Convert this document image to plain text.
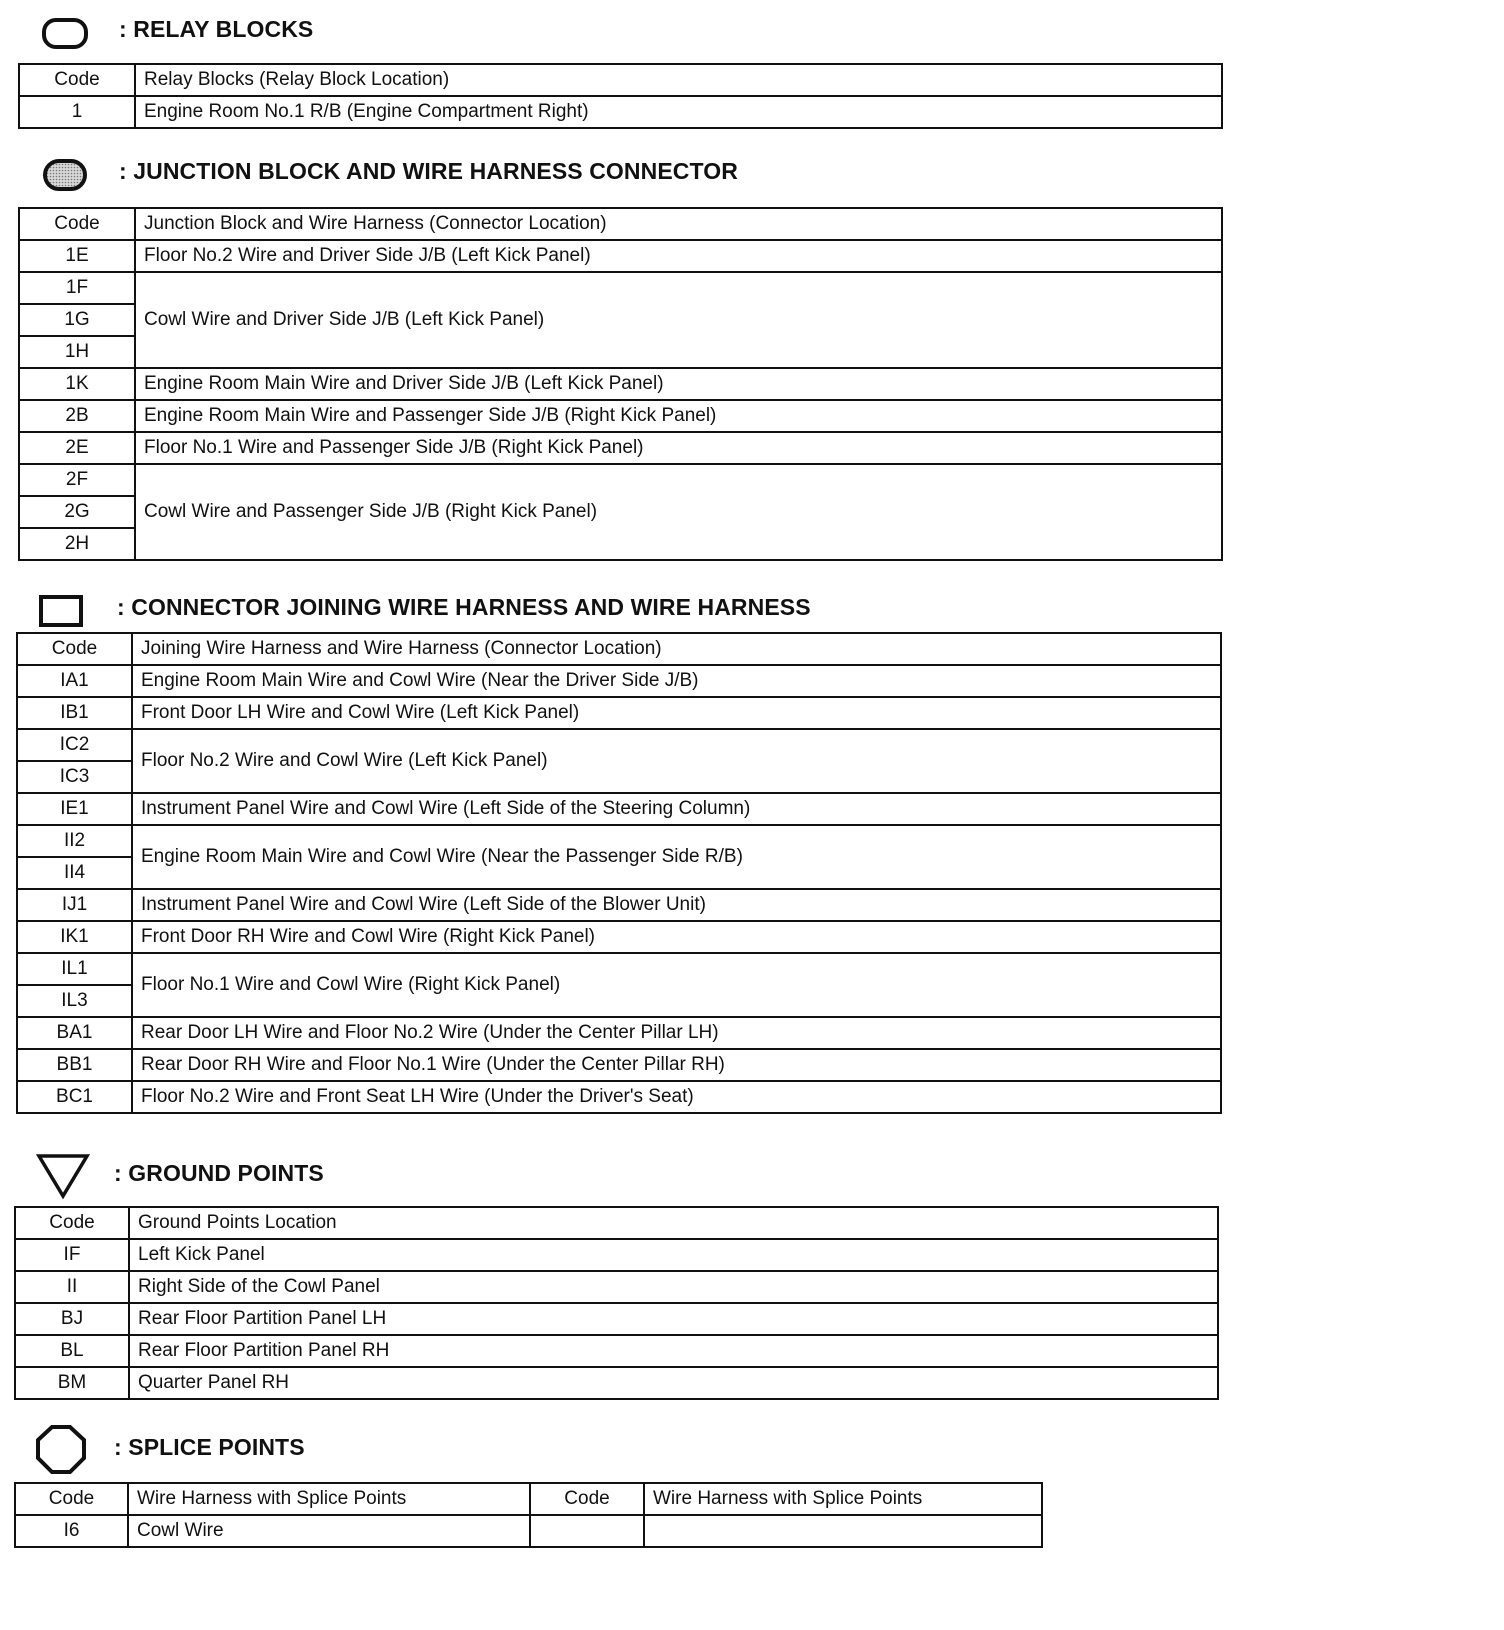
: RELAY BLOCKS
Code	Relay Blocks (Relay Block Location)
1	Engine Room No.1 R/B (Engine Compartment Right)
: JUNCTION BLOCK AND WIRE HARNESS CONNECTOR
Code	Junction Block and Wire Harness (Connector Location)
1E	Floor No.2 Wire and Driver Side J/B (Left Kick Panel)
1F	Cowl Wire and Driver Side J/B (Left Kick Panel)
1G	
1H	
1K	Engine Room Main Wire and Driver Side J/B (Left Kick Panel)
2B	Engine Room Main Wire and Passenger Side J/B (Right Kick Panel)
2E	Floor No.1 Wire and Passenger Side J/B (Right Kick Panel)
2F	Cowl Wire and Passenger Side J/B (Right Kick Panel)
2G	
2H	
: CONNECTOR JOINING WIRE HARNESS AND WIRE HARNESS
Code	Joining Wire Harness and Wire Harness (Connector Location)
IA1	Engine Room Main Wire and Cowl Wire (Near the Driver Side J/B)
IB1	Front Door LH Wire and Cowl Wire (Left Kick Panel)
IC2	Floor No.2 Wire and Cowl Wire (Left Kick Panel)
IC3	
IE1	Instrument Panel Wire and Cowl Wire (Left Side of the Steering Column)
II2	Engine Room Main Wire and Cowl Wire (Near the Passenger Side R/B)
II4	
IJ1	Instrument Panel Wire and Cowl Wire (Left Side of the Blower Unit)
IK1	Front Door RH Wire and Cowl Wire (Right Kick Panel)
IL1	Floor No.1 Wire and Cowl Wire (Right Kick Panel)
IL3	
BA1	Rear Door LH Wire and Floor No.2 Wire (Under the Center Pillar LH)
BB1	Rear Door RH Wire and Floor No.1 Wire (Under the Center Pillar RH)
BC1	Floor No.2 Wire and Front Seat LH Wire (Under the Driver's Seat)
: GROUND POINTS
Code	Ground Points Location
IF	Left Kick Panel
II	Right Side of the Cowl Panel
BJ	Rear Floor Partition Panel LH
BL	Rear Floor Partition Panel RH
BM	Quarter Panel RH
: SPLICE POINTS
Code	Wire Harness with Splice Points	Code	Wire Harness with Splice Points
I6	Cowl Wire		
